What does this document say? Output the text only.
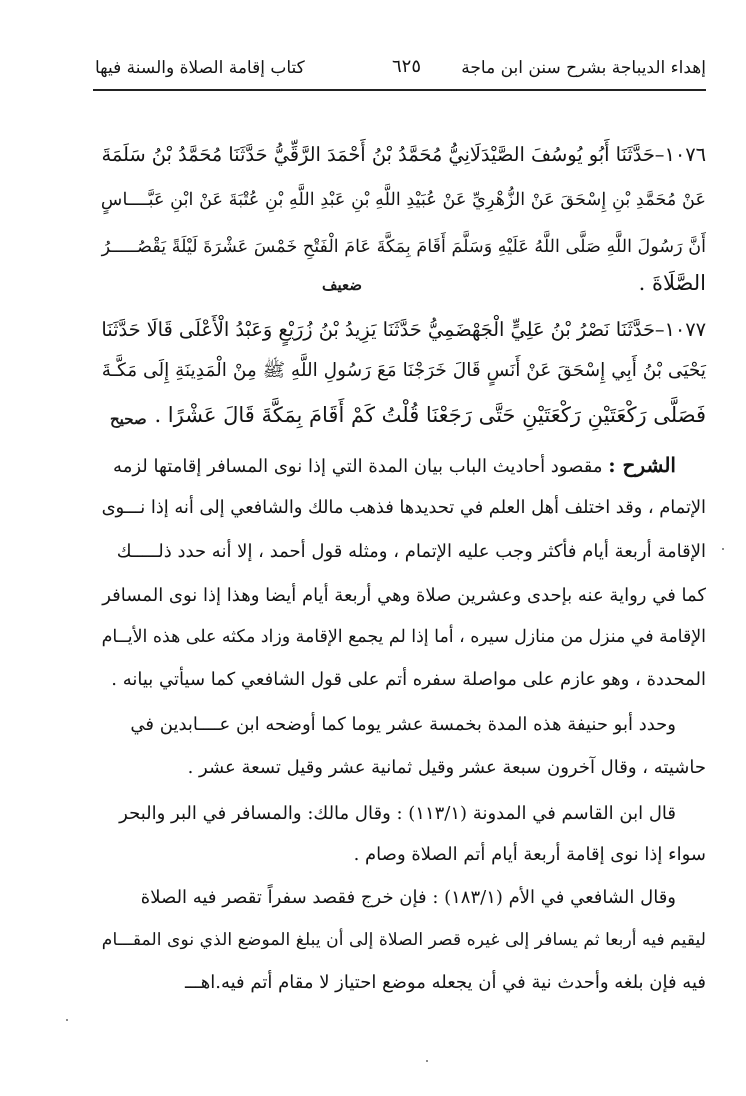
إهداء الديباجة بشرح سنن ابن ماجة
٦٢٥
كتاب إقامة الصلاة والسنة فيها
١٠٧٦–حَدَّثَنَا أَبُو يُوسُفَ الصَّيْدَلَانِيُّ مُحَمَّدُ بْنُ أَحْمَدَ الرَّقِّيُّ حَدَّثَنَا مُحَمَّدُ بْنُ سَلَمَةَ
عَنْ مُحَمَّدِ بْنِ إِسْحَقَ عَنْ الزُّهْرِيِّ عَنْ عُبَيْدِ اللَّهِ بْنِ عَبْدِ اللَّهِ بْنِ عُتْبَةَ عَنْ ابْنِ عَبَّــــاسٍ
أَنَّ رَسُولَ اللَّهِ صَلَّى اللَّهُ عَلَيْهِ وَسَلَّمَ أَقَامَ بِمَكَّةَ عَامَ الْفَتْحِ خَمْسَ عَشْرَةَ لَيْلَةً يَقْصُـــــرُ
الصَّلَاةَ .
ضعيف
١٠٧٧–حَدَّثَنَا نَصْرُ بْنُ عَلِيٍّ الْجَهْضَمِيُّ حَدَّثَنَا يَزِيدُ بْنُ زُرَيْعٍ وَعَبْدُ الْأَعْلَى قَالَا حَدَّثَنَا
يَحْيَى بْنُ أَبِي إِسْحَقَ عَنْ أَنَسٍ قَالَ خَرَجْنَا مَعَ رَسُولِ اللَّهِ ﷺ مِنْ الْمَدِينَةِ إِلَى مَكَّـةَ
فَصَلَّى رَكْعَتَيْنِ رَكْعَتَيْنِ حَتَّى رَجَعْنَا قُلْتُ كَمْ أَقَامَ بِمَكَّةَ قَالَ عَشْرًا .
صحيح
الشرح : مقصود أحاديث الباب بيان المدة التي إذا نوى المسافر إقامتها لزمه
الإتمام ، وقد اختلف أهل العلم في تحديدها فذهب مالك والشافعي إلى أنه إذا نـــوى
الإقامة أربعة أيام فأكثر وجب عليه الإتمام ، ومثله قول أحمد ، إلا أنه حدد ذلـــــك
كما في رواية عنه بإحدى وعشرين صلاة وهي أربعة أيام أيضا وهذا إذا نوى المسافر
الإقامة في منزل من منازل سيره ، أما إذا لم يجمع الإقامة وزاد مكثه على هذه الأيــام
المحددة ، وهو عازم على مواصلة سفره أتم على قول الشافعي كما سيأتي بيانه .
وحدد أبو حنيفة هذه المدة بخمسة عشر يوما كما أوضحه ابن عــــابدين في
حاشيته ، وقال آخرون سبعة عشر وقيل ثمانية عشر وقيل تسعة عشر .
قال ابن القاسم في المدونة (١١٣/١) : وقال مالك: والمسافر في البر والبحر
سواء إذا نوى إقامة أربعة أيام أتم الصلاة وصام .
وقال الشافعي في الأم (١٨٣/١) : فإن خرج فقصد سفراً تقصر فيه الصلاة
ليقيم فيه أربعا ثم يسافر إلى غيره قصر الصلاة إلى أن يبلغ الموضع الذي نوى المقـــام
فيه فإن بلغه وأحدث نية في أن يجعله موضع احتياز لا مقام أتم فيه.اهـــ
